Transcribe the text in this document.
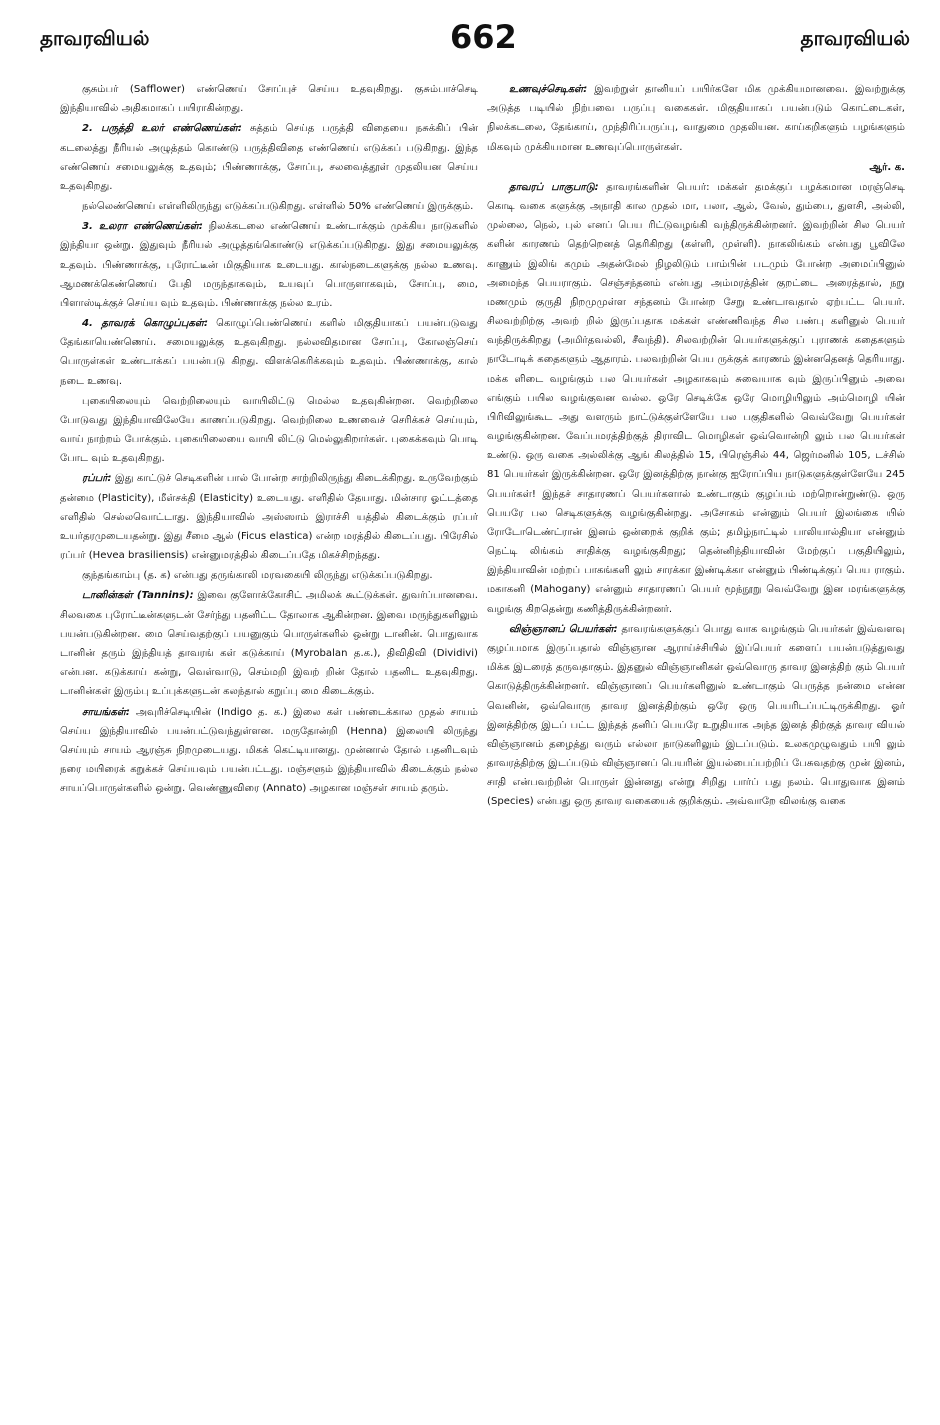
தாவரவியல்	662	தாவரவியல்

குசும்பர் (Safflower) எண்ணெய் சோப்புச் செய்ய உதவுகிறது. குசும்பாச்செடி இந்தியாவில் அதிகமாகப் பயிராகின்றது.

2. பருத்தி உலர் எண்ணெய்கள்: சுத்தம் செய்த பருத்தி விதையை நசுக்கிப் பின் கடலைத்து நீரியல் அழுத்தம் கொண்டு பருத்திவிதை எண்ணெய் எடுக்கப் படுகிறது. இந்த எண்ணெய் சமையலுக்கு உதவும்; பிண்ணாக்கு, சோப்பு, சலவைத்தூள் முதலியன செய்ய உதவுகிறது.

நல்லெண்ணெய் எள்ளிலிருந்து எடுக்கப்படுகிறது. எள்ளில் 50% எண்ணெய் இருக்கும்.

3. உலரா எண்ணெய்கள்: நிலக்கடலை எண்ணெய் உண்டாக்கும் முக்கிய நாடுகளில் இந்தியா ஒன்று. இதுவும் நீரியல் அழுத்தங்கொண்டு எடுக்கப்படுகிறது. இது சமையலுக்கு உதவும். பிண்ணாக்கு, புரோட்டீன் மிகுதியாக உடையது. கால்நடைகளுக்கு நல்ல உணவு. ஆமணக்கெண்ணெய் பேதி மருந்தாகவும், உயவுப் பொருளாகவும், சோப்பு, மை, பிளாஸ்டிக்குச் செய்ய வும் உதவும். பிண்ணாக்கு நல்ல உரம்.

4. தாவரக் கொழுப்புகள்: கொழுப்பெண்ணெய் களில் மிகுதியாகப் பயன்படுவது தேங்காயெண்ணெய். சமையலுக்கு உதவுகிறது. நல்லவிதமான சோப்பு, கோலஞ்செய் பொருள்கள் உண்டாக்கப் பயன்படு கிறது. விளக்கெரிக்கவும் உதவும். பிண்ணாக்கு, கால் நடை உணவு.

புகையிலையும் வெற்றிலையும் வாயிலிட்டு மெல்ல உதவுகின்றன. வெற்றிலை போடுவது இந்தியாவிலேயே காணப்படுகிறது. வெற்றிலை உணவைச் செரிக்கச் செய்யும், வாய் நாற்றம் போக்கும். புகையிலையை வாயி லிட்டு மெல்லுகிறார்கள். புகைக்கவும் பொடி போட வும் உதவுகிறது.

ரப்பர்: இது காட்டுச் செடிகளின் பால் போன்ற சாற்றிலிருந்து கிடைக்கிறது. உருவேற்கும் தன்மை (Plasticity), மீள்சக்தி (Elasticity) உடையது. எளிதில் தேயாது. மின்சார ஓட்டத்தை எளிதில் செல்லவொட்டாது. இந்தியாவில் அஸ்ஸாம் இராச்சி யத்தில் கிடைக்கும் ரப்பர் உயர்தரமுடையதன்று. இது சீமை ஆல் (Ficus elastica) என்ற மரத்தில் கிடைப்பது. பிரேசில் ரப்பர் (Hevea brasiliensis) என்னுமரத்தில் கிடைப்பதே மிகச்சிறந்தது.

குந்தங்காம்பு (த. க) என்பது தருங்காலி மரவகையி லிருந்து எடுக்கப்படுகிறது.

டானின்கள் (Tannins): இவை குளோக்கோசிட் அமிலக் கூட்டுக்கள். துவர்ப்பானவை. சிலவகை புரோட்டீன்களுடன் சேர்ந்து பதனிட்ட தோலாக ஆகின்றன. இவை மருந்துகளிலும் பயன்படுகின்றன. மை செய்வதற்குப் பயனுகும் பொருள்களில் ஒன்று டானின். பொதுவாக டானின் தரும் இந்தியத் தாவரங் கள் கடுக்காய் (Myrobalan த.க.), திவிதிவி (Dividivi) என்பன. கடுக்காய் கன்று, வெள்வாடு, செம்மறி இவற் றின் தோல் பதனிட உதவுகிறது. டானின்கள் இரும்பு உப்புக்களுடன் கலந்தால் கறுப்பு மை கிடைக்கும்.

சாயங்கள்: அவுரிச்செடியின் (Indigo த. க.) இலை கள் பண்டைக்கால முதல் சாயம் செய்ய இந்தியாவில் பயன்பட்டுவந்துள்ளன. மருதோன்றி (Henna) இலையி லிருந்து செய்யும் சாயம் ஆரஞ்சு நிறமுடையது. மிகக் கெட்டியானது. முன்னால் தோல் பதனிடவும் நரை மயிரைக் கறுக்கச் செய்யவும் பயன்பட்டது. மஞ்சளும் இந்தியாவில் கிடைக்கும் நல்ல சாயப்பொருள்களில் ஒன்று. வெண்ணுவிரை (Annato) அழகான மஞ்சள் சாயம் தரும்.

உணவுச்செடிகள்: இவற்றுள் தானியப் பயிர்களே மிக முக்கியமானவை. இவற்றுக்கு அடுத்த படியில் நிற்பவை பருப்பு வகைகள். மிகுதியாகப் பயன்படும் கொட்டைகள், நிலக்கடலை, தேங்காய், முந்திரிப்பருப்பு, வாதுமை முதலியன. காய்கறிகளும் பழங்களும் மிகவும் முக்கியமான உணவுப்பொருள்கள்.

ஆர். க.

தாவரப் பாகுபாடு: தாவரங்களின் பெயர்: மக்கள் தமக்குப் பழக்கமான மரஞ்செடி கொடி வகை களுக்கு அநாதி கால முதல் மா, பலா, ஆல், வேல், தும்பை, துளசி, அல்லி, முல்லை, நெல், புல் எனப் பெய ரிட்டுவழங்கி வந்திருக்கின்றனர். இவற்றின் சில பெயர் களின் காரணம் தெற்றெனத் தெரிகிறது (கள்ளி, முள்ளி). நாகலிங்கம் என்பது பூவிலே காணும் இலிங் கமும் அதன்மேல் நிழலிடும் பாம்பின் படமும் போன்ற அமைப்பினுல் அமைந்த பெயராகும். செஞ்சந்தனம் என்பது அம்மரத்தின் குறட்டை அரைத்தால், நறு மணமும் குருதி நிறமுமுள்ள சந்தனம் போன்ற சேறு உண்டாவதால் ஏற்பட்ட பெயர். சிலவற்றிற்கு அவற் றில் இருப்பதாக மக்கள் எண்ணிவந்த சில பண்பு களினுல் பெயர் வந்திருக்கிறது (அமிர்தவல்லி, சீவந்தி). சிலவற்றின் பெயர்களுக்குப் புராணக் கதைகளும் நாடோடிக் கதைகளும் ஆதாரம். பலவற்றின் பெய ருக்குக் காரணம் இன்னதெனத் தெரியாது. மக்க ளிடை வழங்கும் பல பெயர்கள் அழகாகவும் சுவையாக வும் இருப்பினும் அவை எங்கும் பயில வழங்குவன வல்ல. ஒரே செடிக்கே ஒரே மொழியிலும் அம்மொழி யின் பிரிவிலுங்கூட அது வளரும் நாட்டுக்குள்ளேயே பல பகுதிகளில் வெவ்வேறு பெயர்கள் வழங்குகின்றன. வேப்பமரத்திற்குத் திராவிட மொழிகள் ஒவ்வொன்றி லும் பல பெயர்கள் உண்டு. ஒரு வகை அல்லிக்கு ஆங் கிலத்தில் 15, பிரெஞ்சில் 44, ஜெர்மனில் 105, டச்சில் 81 பெயர்கள் இருக்கின்றன. ஒரே இனத்திற்கு நான்கு ஐரோப்பிய நாடுகளுக்குள்ளேயே 245 பெயர்கள்! இந்தச் சாதாரணப் பெயர்களால் உண்டாகும் குழப்பம் மற்றொன்றுண்டு. ஒரு பெயரே பல செடிகளுக்கு வழங்குகின்றது. அசோகம் என்னும் பெயர் இலங்கை யில் ரோடோடெண்ட்ரான் இனம் ஒன்றைக் குறிக் கும்; தமிழ்நாட்டில் பாலியால்தியா என்னும் நெட்டி லிங்கம் சாதிக்கு வழங்குகிறது; தென்னிந்தியாவின் மேற்குப் பகுதியிலும், இந்தியாவின் மற்றப் பாகங்களி லும் சாரக்கா இண்டிக்கா என்னும் பிண்டிக்குப் பெய ராகும். மகாகனி (Mahogany) என்னும் சாதாரணப் பெயர் மூந்நூறு வெவ்வேறு இன மரங்களுக்கு வழங்கு கிறதென்று கணித்திருக்கின்றனர்.

விஞ்ஞானப் பெயர்கள்: தாவரங்களுக்குப் பொது வாக வழங்கும் பெயர்கள் இவ்வளவு குழப்பமாக இருப்பதால் விஞ்ஞான ஆராய்ச்சியில் இப்பெயர் களைப் பயன்படுத்துவது மிக்க இடரைத் தருவதாகும். இதனுல் விஞ்ஞானிகள் ஒவ்வொரு தாவர இனத்திற் கும் பெயர் கொடுத்திருக்கின்றனர். விஞ்ஞானப் பெயர்களினுல் உண்டாகும் பெருத்த நன்மை என்ன வெனின், ஒவ்வொரு தாவர இனத்திற்கும் ஒரே ஒரு பெயரிடப்பட்டிருக்கிறது. ஓர் இனத்திற்கு இடப் பட்ட இந்தத் தனிப் பெயரே உறுதியாக அந்த இனத் திற்குத் தாவர வியல் விஞ்ஞானம் தழைத்து வரும் எல்லா நாடுகளிலும் இடப்படும். உலகமுழுவதும் பயி லும் தாவரத்திற்கு இடப்படும் விஞ்ஞானப் பெயரின் இயல்பைப்பற்றிப் பேசுவதற்கு முன் இனம், சாதி என்பவற்றின் பொருள் இன்னது என்று சிறிது பார்ப் பது நலம். பொதுவாக இனம் (Species) என்பது ஒரு தாவர வகையைக் குறிக்கும். அவ்வாறே விலங்கு வகை
